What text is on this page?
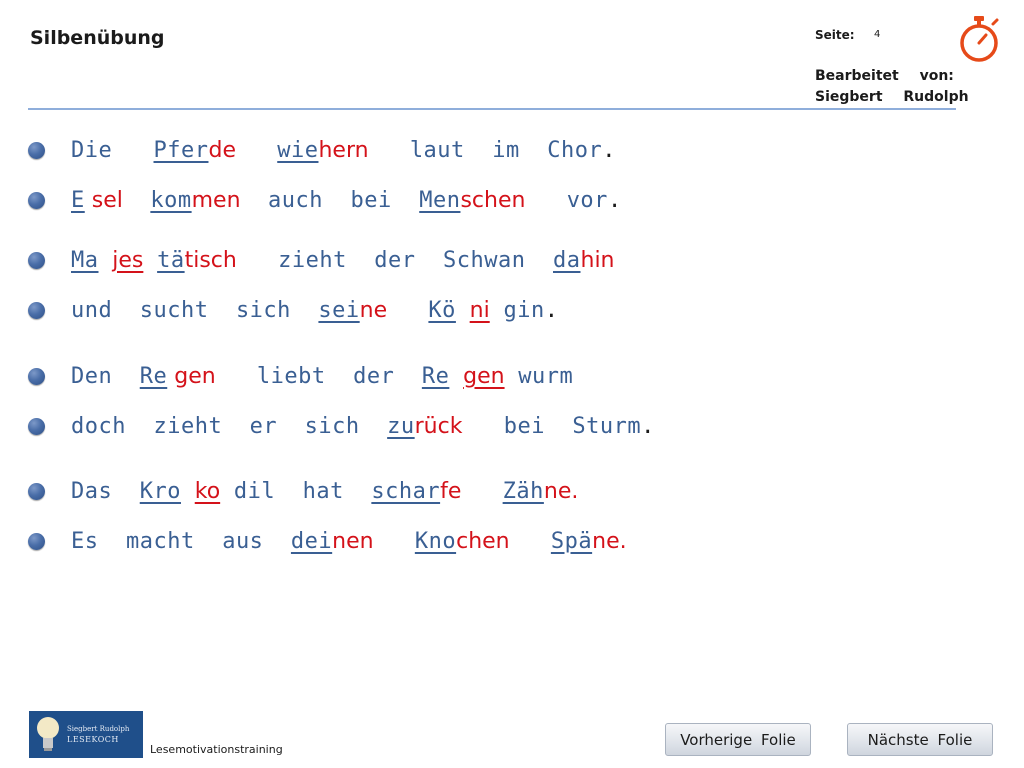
Silbenübung	Seite: 4
Bearbeitet von:
Siegbert Rudolph
Die Pferde wiehern   laut  im  Chor.
E sel kommen  auch  bei  Menschen   vor.
Ma jes tätisch   zieht  der  Schwan  dahin
und  sucht  sich  seine Kö ni gin.
Den  Re gen   liebt  der  Re gen wurm
doch  zieht  er  sich  zurück   bei  Sturm.
Das  Kro ko dil  hat  scharfe Zähne.
Es  macht  aus  deinen Knochen Späne.
Siegbert Rudolph
LESEKOCH
Lesemotivationstraining
Vorherige Folie	Nächste Folie
